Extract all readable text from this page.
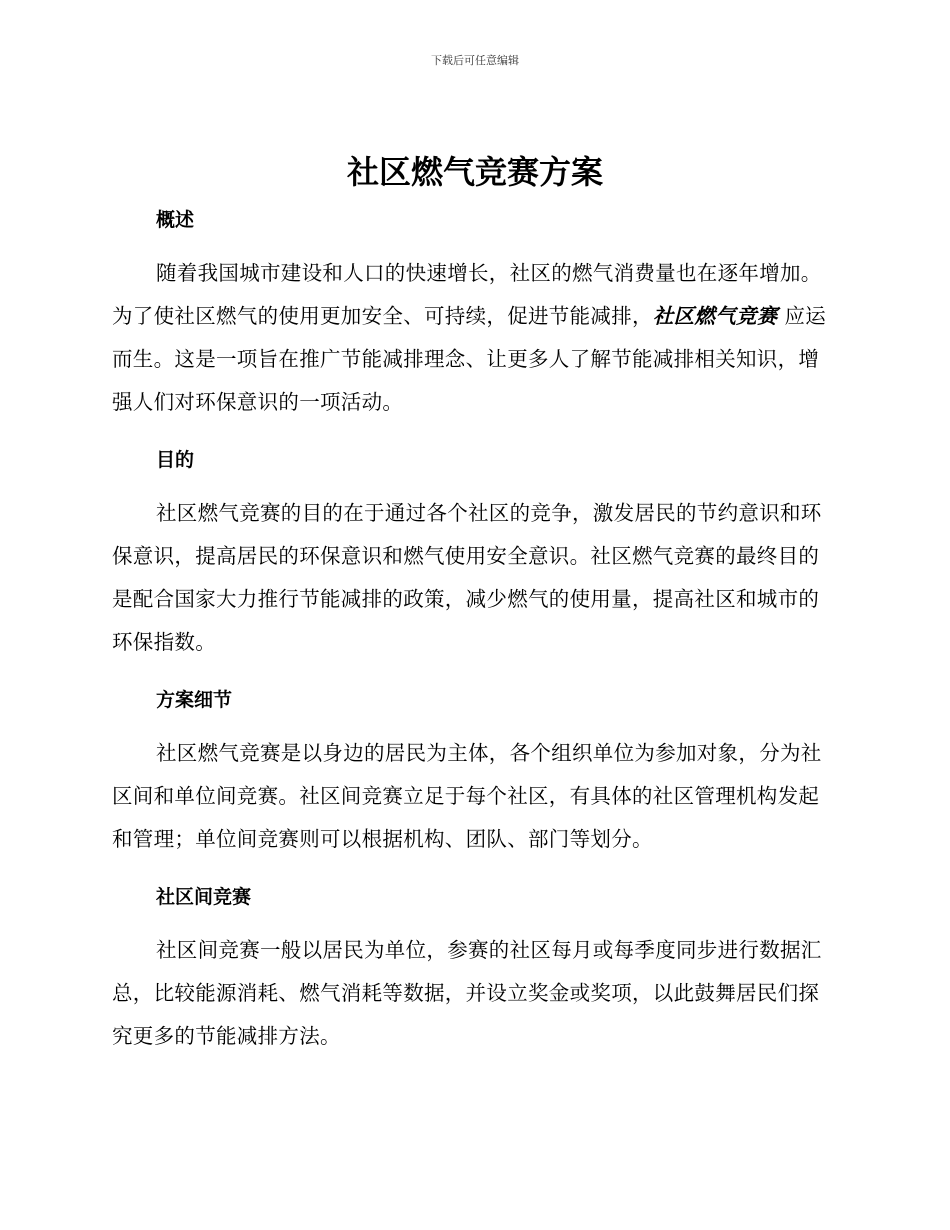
下载后可任意编辑
社区燃气竞赛方案
概述

随着我国城市建设和人口的快速增长，社区的燃气消费量也在逐年增加。为了使社区燃气的使用更加安全、可持续，促进节能减排，社区燃气竞赛 应运而生。这是一项旨在推广节能减排理念、让更多人了解节能减排相关知识，增强人们对环保意识的一项活动。

目的

社区燃气竞赛的目的在于通过各个社区的竞争，激发居民的节约意识和环保意识，提高居民的环保意识和燃气使用安全意识。社区燃气竞赛的最终目的是配合国家大力推行节能减排的政策，减少燃气的使用量，提高社区和城市的环保指数。

方案细节

社区燃气竞赛是以身边的居民为主体，各个组织单位为参加对象，分为社区间和单位间竞赛。社区间竞赛立足于每个社区，有具体的社区管理机构发起和管理；单位间竞赛则可以根据机构、团队、部门等划分。

社区间竞赛

社区间竞赛一般以居民为单位，参赛的社区每月或每季度同步进行数据汇总，比较能源消耗、燃气消耗等数据，并设立奖金或奖项，以此鼓舞居民们探究更多的节能减排方法。
